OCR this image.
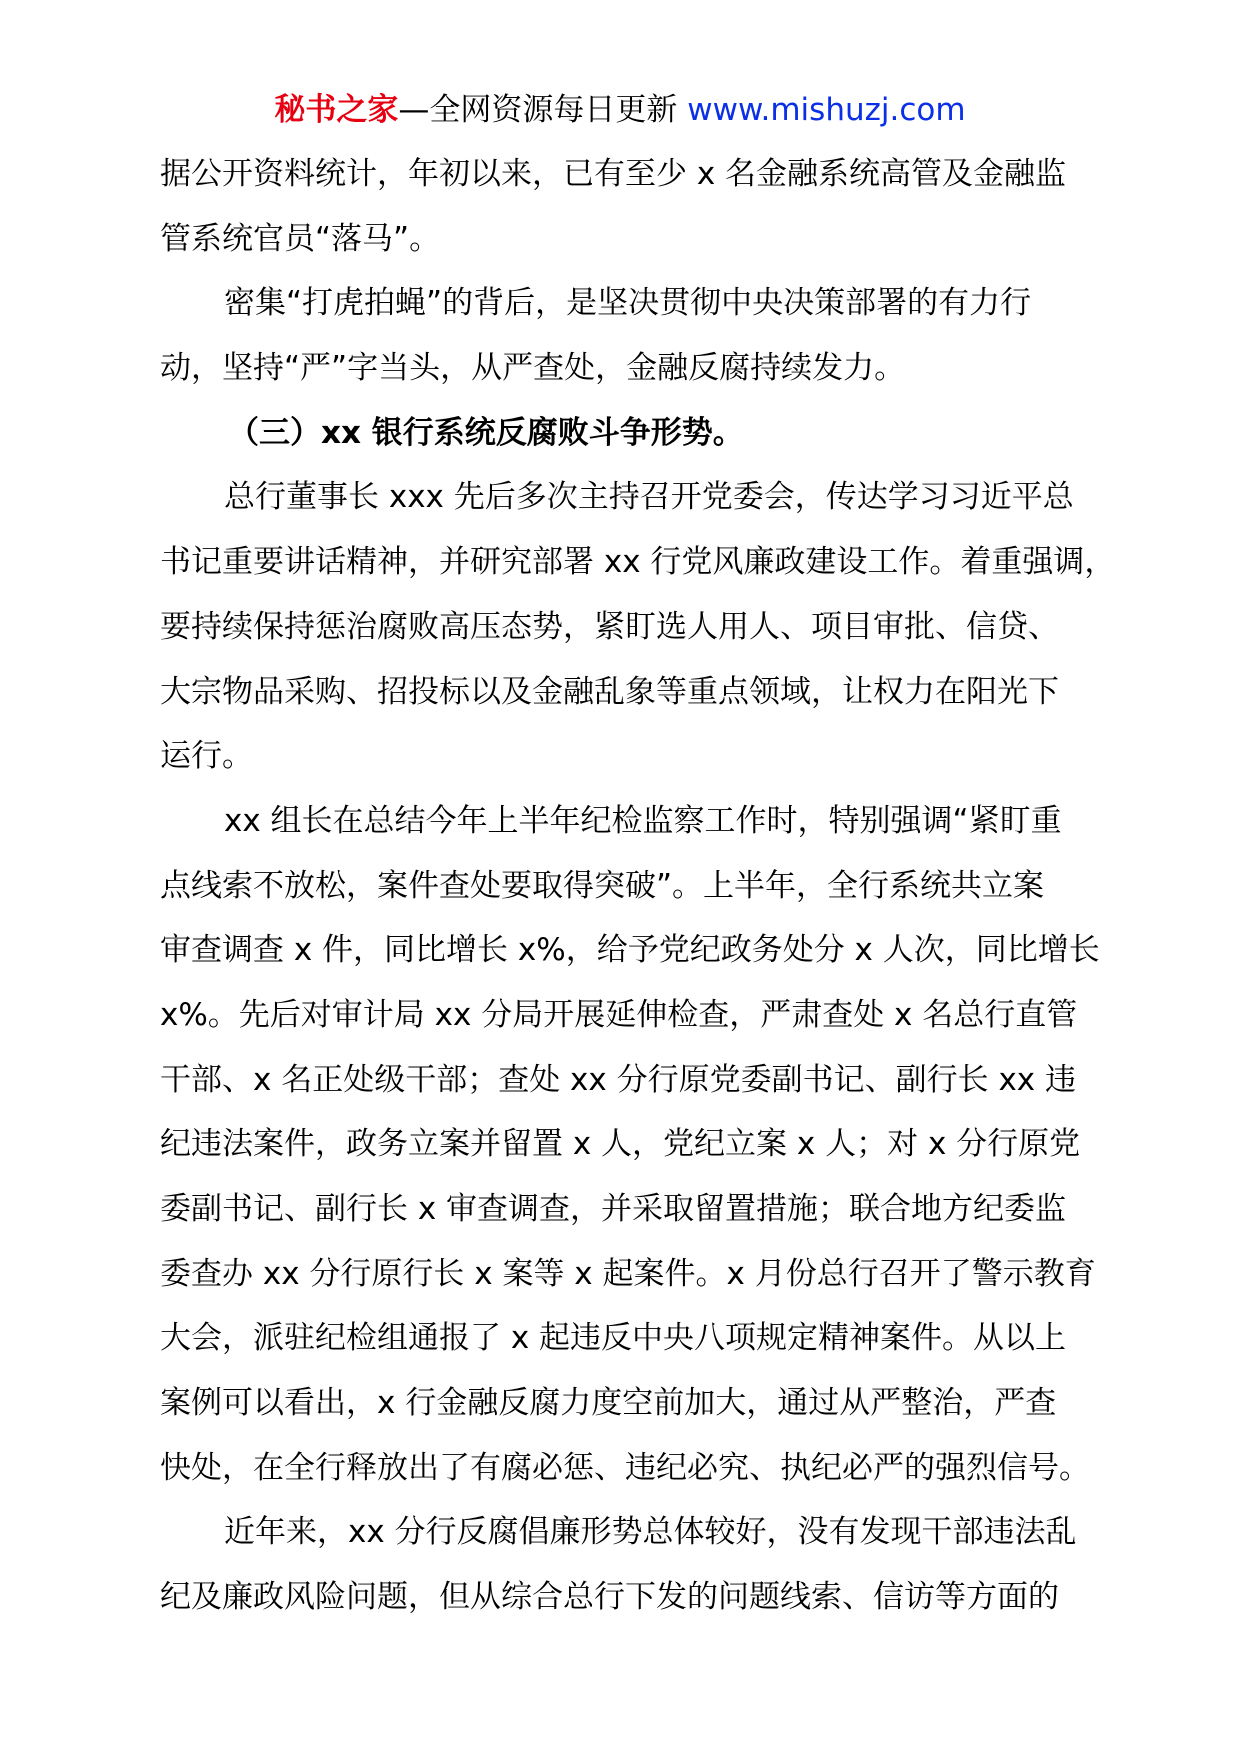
秘书之家—全网资源每日更新 www.mishuzj.com
据公开资料统计，年初以来，已有至少 x 名金融系统高管及金融监
管系统官员“落马”。
密集“打虎拍蝇”的背后，是坚决贯彻中央决策部署的有力行
动，坚持“严”字当头，从严查处，金融反腐持续发力。
（三）xx 银行系统反腐败斗争形势。
总行董事长 xxx 先后多次主持召开党委会，传达学习习近平总
书记重要讲话精神，并研究部署 xx 行党风廉政建设工作。着重强调，
要持续保持惩治腐败高压态势，紧盯选人用人、项目审批、信贷、
大宗物品采购、招投标以及金融乱象等重点领域，让权力在阳光下
运行。
xx 组长在总结今年上半年纪检监察工作时，特别强调“紧盯重
点线索不放松，案件查处要取得突破”。上半年，全行系统共立案
审查调查 x 件，同比增长 x%，给予党纪政务处分 x 人次，同比增长
x%。先后对审计局 xx 分局开展延伸检查，严肃查处 x 名总行直管
干部、x 名正处级干部；查处 xx 分行原党委副书记、副行长 xx 违
纪违法案件，政务立案并留置 x 人，党纪立案 x 人；对 x 分行原党
委副书记、副行长 x 审查调查，并采取留置措施；联合地方纪委监
委查办 xx 分行原行长 x 案等 x 起案件。x 月份总行召开了警示教育
大会，派驻纪检组通报了 x 起违反中央八项规定精神案件。从以上
案例可以看出，x 行金融反腐力度空前加大，通过从严整治，严查
快处，在全行释放出了有腐必惩、违纪必究、执纪必严的强烈信号。
近年来，xx 分行反腐倡廉形势总体较好，没有发现干部违法乱
纪及廉政风险问题，但从综合总行下发的问题线索、信访等方面的
